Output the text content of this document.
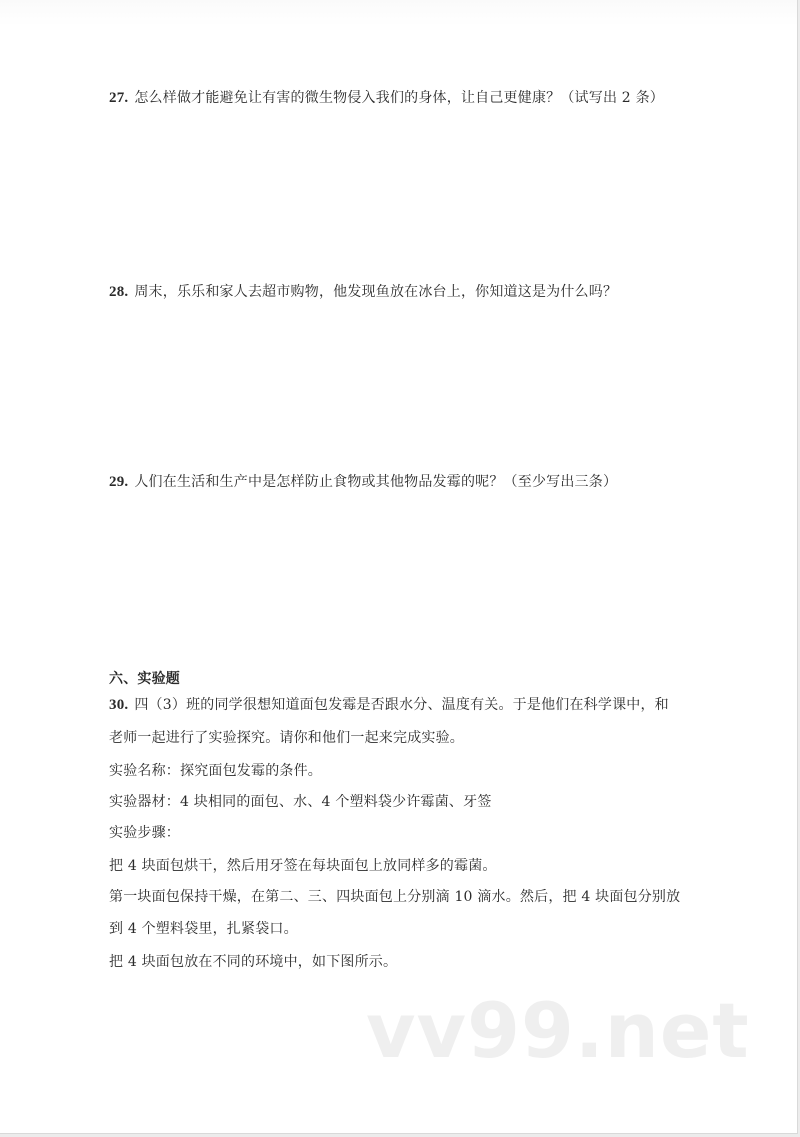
27. 怎么样做才能避免让有害的微生物侵入我们的身体，让自己更健康？（试写出 2 条）
28. 周末，乐乐和家人去超市购物，他发现鱼放在冰台上，你知道这是为什么吗？
29. 人们在生活和生产中是怎样防止食物或其他物品发霉的呢？（至少写出三条）
六、实验题
30. 四（3）班的同学很想知道面包发霉是否跟水分、温度有关。于是他们在科学课中，和
老师一起进行了实验探究。请你和他们一起来完成实验。
实验名称：探究面包发霉的条件。
实验器材：4 块相同的面包、水、4 个塑料袋少许霉菌、牙签
实验步骤：
把 4 块面包烘干，然后用牙签在每块面包上放同样多的霉菌。
第一块面包保持干燥，在第二、三、四块面包上分别滴 10 滴水。然后，把 4 块面包分别放
到 4 个塑料袋里，扎紧袋口。
把 4 块面包放在不同的环境中，如下图所示。
vv99.net
